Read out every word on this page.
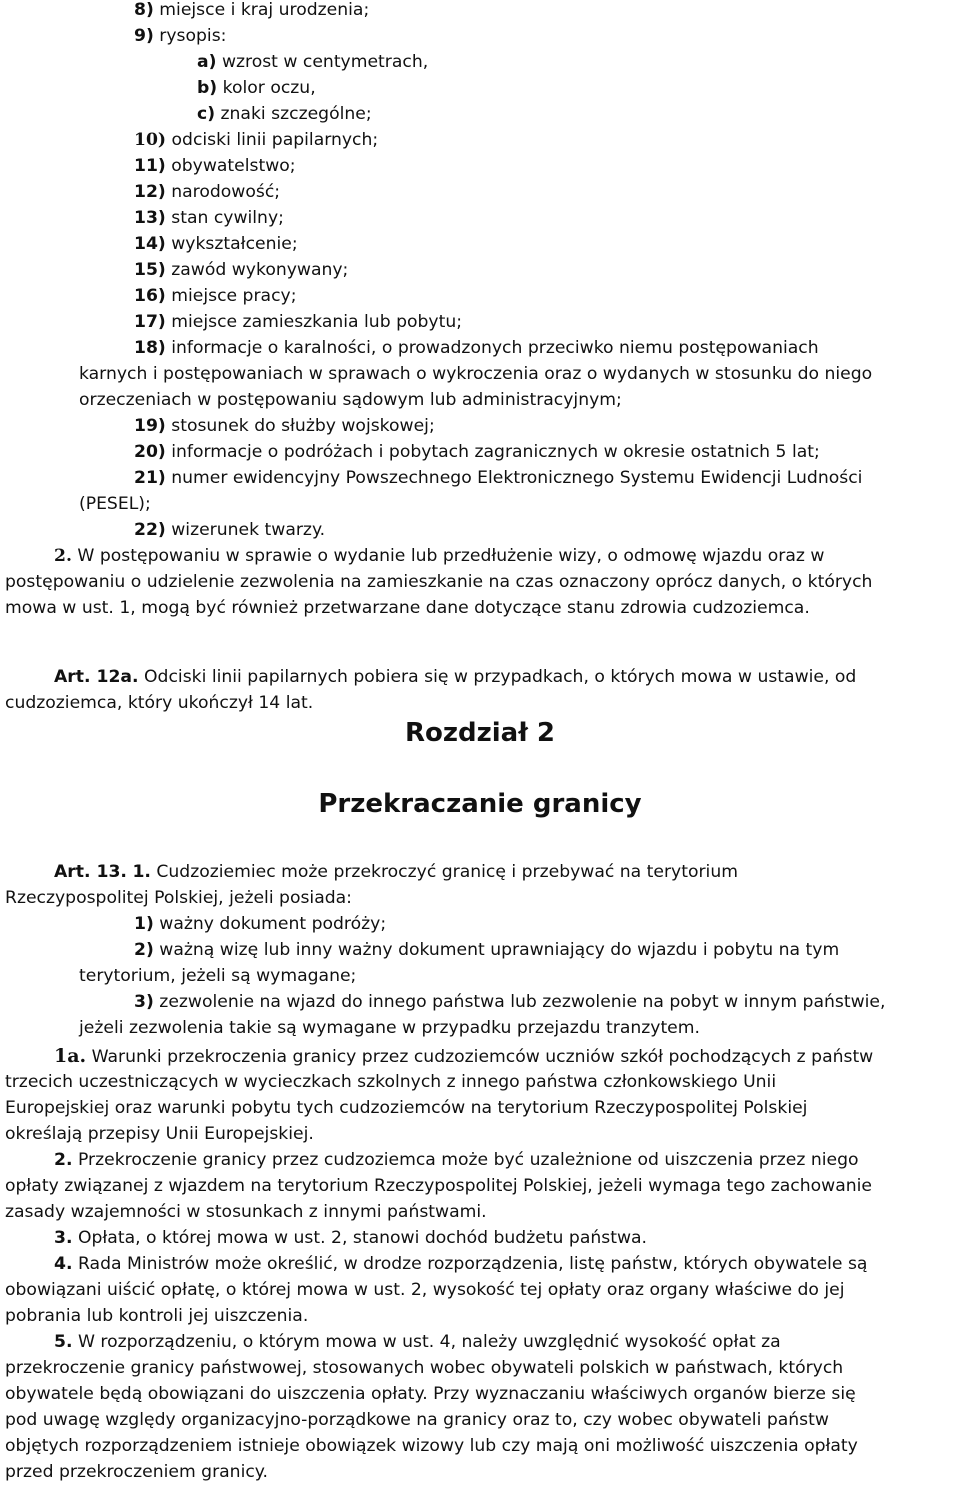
8) miejsce i kraj urodzenia;
9) rysopis:
a) wzrost w centymetrach,
b) kolor oczu,
c) znaki szczególne;
10) odciski linii papilarnych;
11) obywatelstwo;
12) narodowość;
13) stan cywilny;
14) wykształcenie;
15) zawód wykonywany;
16) miejsce pracy;
17) miejsce zamieszkania lub pobytu;
18) informacje o karalności, o prowadzonych przeciwko niemu postępowaniach
karnych i postępowaniach w sprawach o wykroczenia oraz o wydanych w stosunku do niego
orzeczeniach w postępowaniu sądowym lub administracyjnym;
19) stosunek do służby wojskowej;
20) informacje o podróżach i pobytach zagranicznych w okresie ostatnich 5 lat;
21) numer ewidencyjny Powszechnego Elektronicznego Systemu Ewidencji Ludności
(PESEL);
22) wizerunek twarzy.
2. W postępowaniu w sprawie o wydanie lub przedłużenie wizy, o odmowę wjazdu oraz w
postępowaniu o udzielenie zezwolenia na zamieszkanie na czas oznaczony oprócz danych, o których
mowa w ust. 1, mogą być również przetwarzane dane dotyczące stanu zdrowia cudzoziemca.
Art. 12a. Odciski linii papilarnych pobiera się w przypadkach, o których mowa w ustawie, od
cudzoziemca, który ukończył 14 lat.
Rozdział 2
Przekraczanie granicy
Art. 13. 1. Cudzoziemiec może przekroczyć granicę i przebywać na terytorium
Rzeczypospolitej Polskiej, jeżeli posiada:
1) ważny dokument podróży;
2) ważną wizę lub inny ważny dokument uprawniający do wjazdu i pobytu na tym
terytorium, jeżeli są wymagane;
3) zezwolenie na wjazd do innego państwa lub zezwolenie na pobyt w innym państwie,
jeżeli zezwolenia takie są wymagane w przypadku przejazdu tranzytem.
1a. Warunki przekroczenia granicy przez cudzoziemców uczniów szkół pochodzących z państw
trzecich uczestniczących w wycieczkach szkolnych z innego państwa członkowskiego Unii
Europejskiej oraz warunki pobytu tych cudzoziemców na terytorium Rzeczypospolitej Polskiej
określają przepisy Unii Europejskiej.
2. Przekroczenie granicy przez cudzoziemca może być uzależnione od uiszczenia przez niego
opłaty związanej z wjazdem na terytorium Rzeczypospolitej Polskiej, jeżeli wymaga tego zachowanie
zasady wzajemności w stosunkach z innymi państwami.
3. Opłata, o której mowa w ust. 2, stanowi dochód budżetu państwa.
4. Rada Ministrów może określić, w drodze rozporządzenia, listę państw, których obywatele są
obowiązani uiścić opłatę, o której mowa w ust. 2, wysokość tej opłaty oraz organy właściwe do jej
pobrania lub kontroli jej uiszczenia.
5. W rozporządzeniu, o którym mowa w ust. 4, należy uwzględnić wysokość opłat za
przekroczenie granicy państwowej, stosowanych wobec obywateli polskich w państwach, których
obywatele będą obowiązani do uiszczenia opłaty. Przy wyznaczaniu właściwych organów bierze się
pod uwagę względy organizacyjno-porządkowe na granicy oraz to, czy wobec obywateli państw
objętych rozporządzeniem istnieje obowiązek wizowy lub czy mają oni możliwość uiszczenia opłaty
przed przekroczeniem granicy.
